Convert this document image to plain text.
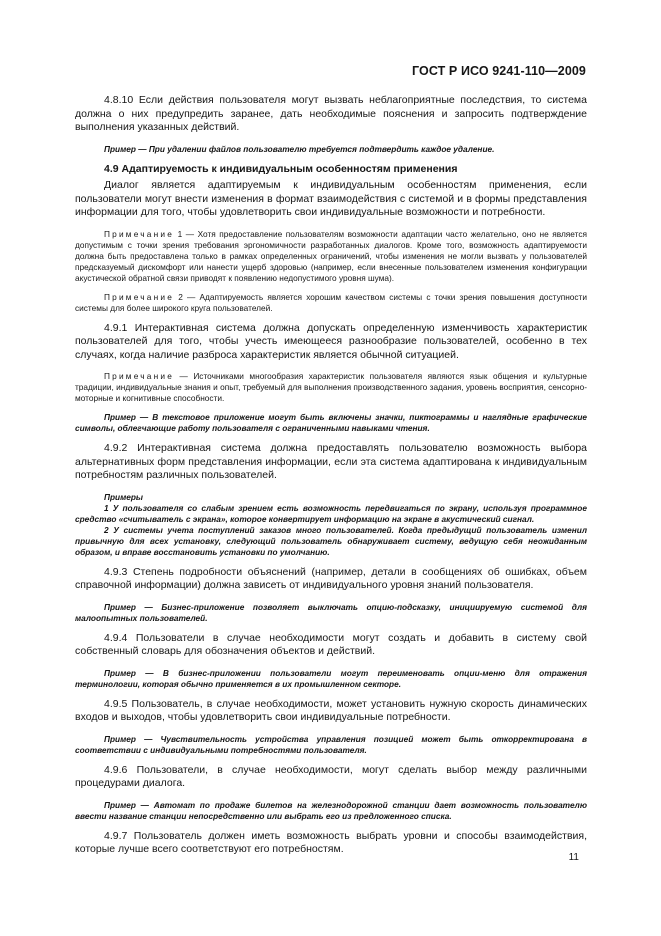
ГОСТ Р ИСО 9241-110—2009

4.8.10 Если действия пользователя могут вызвать неблагоприятные последствия, то система должна о них предупредить заранее, дать необходимые пояснения и запросить подтверждение выполнения указанных действий.

Пример — При удалении файлов пользователю требуется подтвердить каждое удаление.

4.9 Адаптируемость к индивидуальным особенностям применения

Диалог является адаптируемым к индивидуальным особенностям применения, если пользователи могут внести изменения в формат взаимодействия с системой и в формы представления информации для того, чтобы удовлетворить свои индивидуальные возможности и потребности.

Примечание 1 — Хотя предоставление пользователям возможности адаптации часто желательно, оно не является допустимым с точки зрения требования эргономичности разработанных диалогов. Кроме того, возможность адаптируемости должна быть предоставлена только в рамках определенных ограничений, чтобы изменения не могли вызвать у пользователей предсказуемый дискомфорт или нанести ущерб здоровью (например, если внесенные пользователем изменения конфигурации акустической обратной связи приводят к появлению недопустимого уровня шума).

Примечание 2 — Адаптируемость является хорошим качеством системы с точки зрения повышения доступности системы для более широкого круга пользователей.

4.9.1 Интерактивная система должна допускать определенную изменчивость характеристик пользователей для того, чтобы учесть имеющееся разнообразие пользователей, особенно в тех случаях, когда наличие разброса характеристик является обычной ситуацией.

Примечание — Источниками многообразия характеристик пользователя являются язык общения и культурные традиции, индивидуальные знания и опыт, требуемый для выполнения производственного задания, уровень восприятия, сенсорно-моторные и когнитивные способности.

Пример — В текстовое приложение могут быть включены значки, пиктограммы и наглядные графические символы, облегчающие работу пользователя с ограниченными навыками чтения.

4.9.2 Интерактивная система должна предоставлять пользователю возможность выбора альтернативных форм представления информации, если эта система адаптирована к индивидуальным потребностям различных пользователей.

Примеры

1 У пользователя со слабым зрением есть возможность передвигаться по экрану, используя программное средство «считыватель с экрана», которое конвертирует информацию на экране в акустический сигнал.

2 У системы учета поступлений заказов много пользователей. Когда предыдущий пользователь изменил привычную для всех установку, следующий пользователь обнаруживает систему, ведущую себя неожиданным образом, и вправе восстановить установки по умолчанию.

4.9.3 Степень подробности объяснений (например, детали в сообщениях об ошибках, объем справочной информации) должна зависеть от индивидуального уровня знаний пользователя.

Пример — Бизнес-приложение позволяет выключать опцию-подсказку, инициируемую системой для малоопытных пользователей.

4.9.4 Пользователи в случае необходимости могут создать и добавить в систему свой собственный словарь для обозначения объектов и действий.

Пример — В бизнес-приложении пользователи могут переименовать опции-меню для отражения терминологии, которая обычно применяется в их промышленном секторе.

4.9.5 Пользователь, в случае необходимости, может установить нужную скорость динамических входов и выходов, чтобы удовлетворить свои индивидуальные потребности.

Пример — Чувствительность устройства управления позицией может быть откорректирована в соответствии с индивидуальными потребностями пользователя.

4.9.6 Пользователи, в случае необходимости, могут сделать выбор между различными процедурами диалога.

Пример — Автомат по продаже билетов на железнодорожной станции дает возможность пользователю ввести название станции непосредственно или выбрать его из предложенного списка.

4.9.7 Пользователь должен иметь возможность выбрать уровни и способы взаимодействия, которые лучше всего соответствуют его потребностям.

11
